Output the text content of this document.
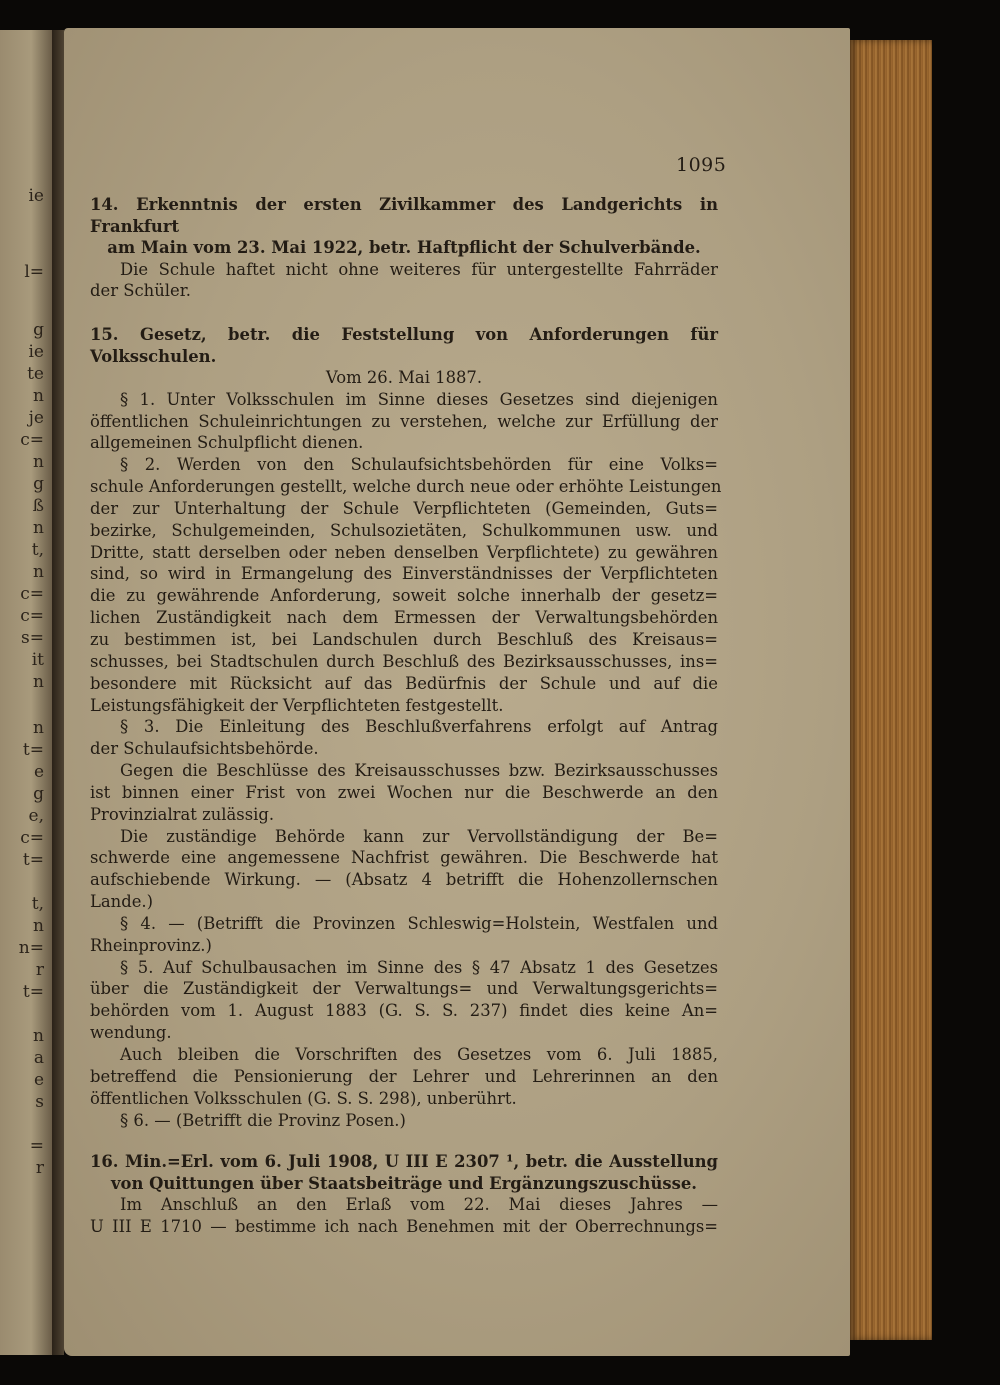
ie
l=
g
ie
te
n
je
c=
n
g
ß
n
t,
n
c=
c=
s=
it
n
n
t=
e
g
e,
c=
t=
t,
n
n=
r
t=
n
a
e
s
=
r
1095

14. Erkenntnis der ersten Zivilkammer des Landgerichts in Frankfurt

am Main vom 23. Mai 1922, betr. Haftpflicht der Schulverbände.

Die Schule haftet nicht ohne weiteres für untergestellte Fahrräder

der Schüler.

15. Gesetz, betr. die Feststellung von Anforderungen für Volksschulen.

Vom 26. Mai 1887.

§ 1. Unter Volksschulen im Sinne dieses Gesetzes sind diejenigen

öffentlichen Schuleinrichtungen zu verstehen, welche zur Erfüllung der

allgemeinen Schulpflicht dienen.

§ 2. Werden von den Schulaufsichtsbehörden für eine Volks=

schule Anforderungen gestellt, welche durch neue oder erhöhte Leistungen

der zur Unterhaltung der Schule Verpflichteten (Gemeinden, Guts=

bezirke, Schulgemeinden, Schulsozietäten, Schulkommunen usw. und

Dritte, statt derselben oder neben denselben Verpflichtete) zu gewähren

sind, so wird in Ermangelung des Einverständnisses der Verpflichteten

die zu gewährende Anforderung, soweit solche innerhalb der gesetz=

lichen Zuständigkeit nach dem Ermessen der Verwaltungsbehörden

zu bestimmen ist, bei Landschulen durch Beschluß des Kreisaus=

schusses, bei Stadtschulen durch Beschluß des Bezirksausschusses, ins=

besondere mit Rücksicht auf das Bedürfnis der Schule und auf die

Leistungsfähigkeit der Verpflichteten festgestellt.

§ 3. Die Einleitung des Beschlußverfahrens erfolgt auf Antrag

der Schulaufsichtsbehörde.

Gegen die Beschlüsse des Kreisausschusses bzw. Bezirksausschusses

ist binnen einer Frist von zwei Wochen nur die Beschwerde an den

Provinzialrat zulässig.

Die zuständige Behörde kann zur Vervollständigung der Be=

schwerde eine angemessene Nachfrist gewähren. Die Beschwerde hat

aufschiebende Wirkung. — (Absatz 4 betrifft die Hohenzollernschen

Lande.)

§ 4. — (Betrifft die Provinzen Schleswig=Holstein, Westfalen und

Rheinprovinz.)

§ 5. Auf Schulbausachen im Sinne des § 47 Absatz 1 des Gesetzes

über die Zuständigkeit der Verwaltungs= und Verwaltungsgerichts=

behörden vom 1. August 1883 (G. S. S. 237) findet dies keine An=

wendung.

Auch bleiben die Vorschriften des Gesetzes vom 6. Juli 1885,

betreffend die Pensionierung der Lehrer und Lehrerinnen an den

öffentlichen Volksschulen (G. S. S. 298), unberührt.

§ 6. — (Betrifft die Provinz Posen.)

16. Min.=Erl. vom 6. Juli 1908, U III E 2307 ¹, betr. die Ausstellung

von Quittungen über Staatsbeiträge und Ergänzungszuschüsse.

Im Anschluß an den Erlaß vom 22. Mai dieses Jahres —

U III E 1710 — bestimme ich nach Benehmen mit der Oberrechnungs=
